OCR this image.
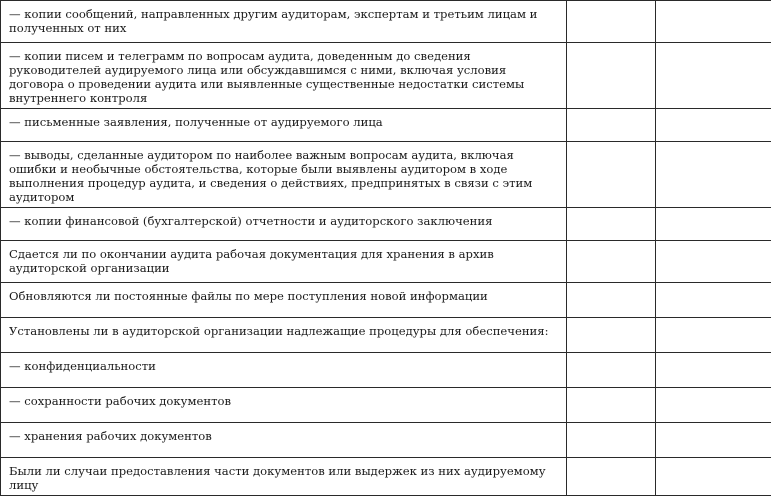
— копии сообщений, направленных другим аудиторам, экспертам и третьим лицам и полученных от них		

— копии писем и телеграмм по вопросам аудита, доведенным до сведения руководителей аудируемого лица или обсуждавшимся с ними, включая условия договора о проведении аудита или выявленные существенные недостатки системы внутреннего контроля		

— письменные заявления, полученные от аудируемого лица		

— выводы, сделанные аудитором по наиболее важным вопросам аудита, включая ошибки и необычные обстоятельства, которые были выявлены аудитором в ходе выполнения процедур аудита, и сведения о действиях, предпринятых в связи с этим аудитором		

— копии финансовой (бухгалтерской) отчетности и аудиторского заключения		

Сдается ли по окончании аудита рабочая документация для хранения в архив аудиторской организации		

Обновляются ли постоянные файлы по мере поступления новой информации		

Установлены ли в аудиторской организации надлежащие процедуры для обеспечения:		

— конфиденциальности		

— сохранности рабочих документов		

— хранения рабочих документов		

Были ли случаи предоставления части документов или выдержек из них аудируемому лицу		
